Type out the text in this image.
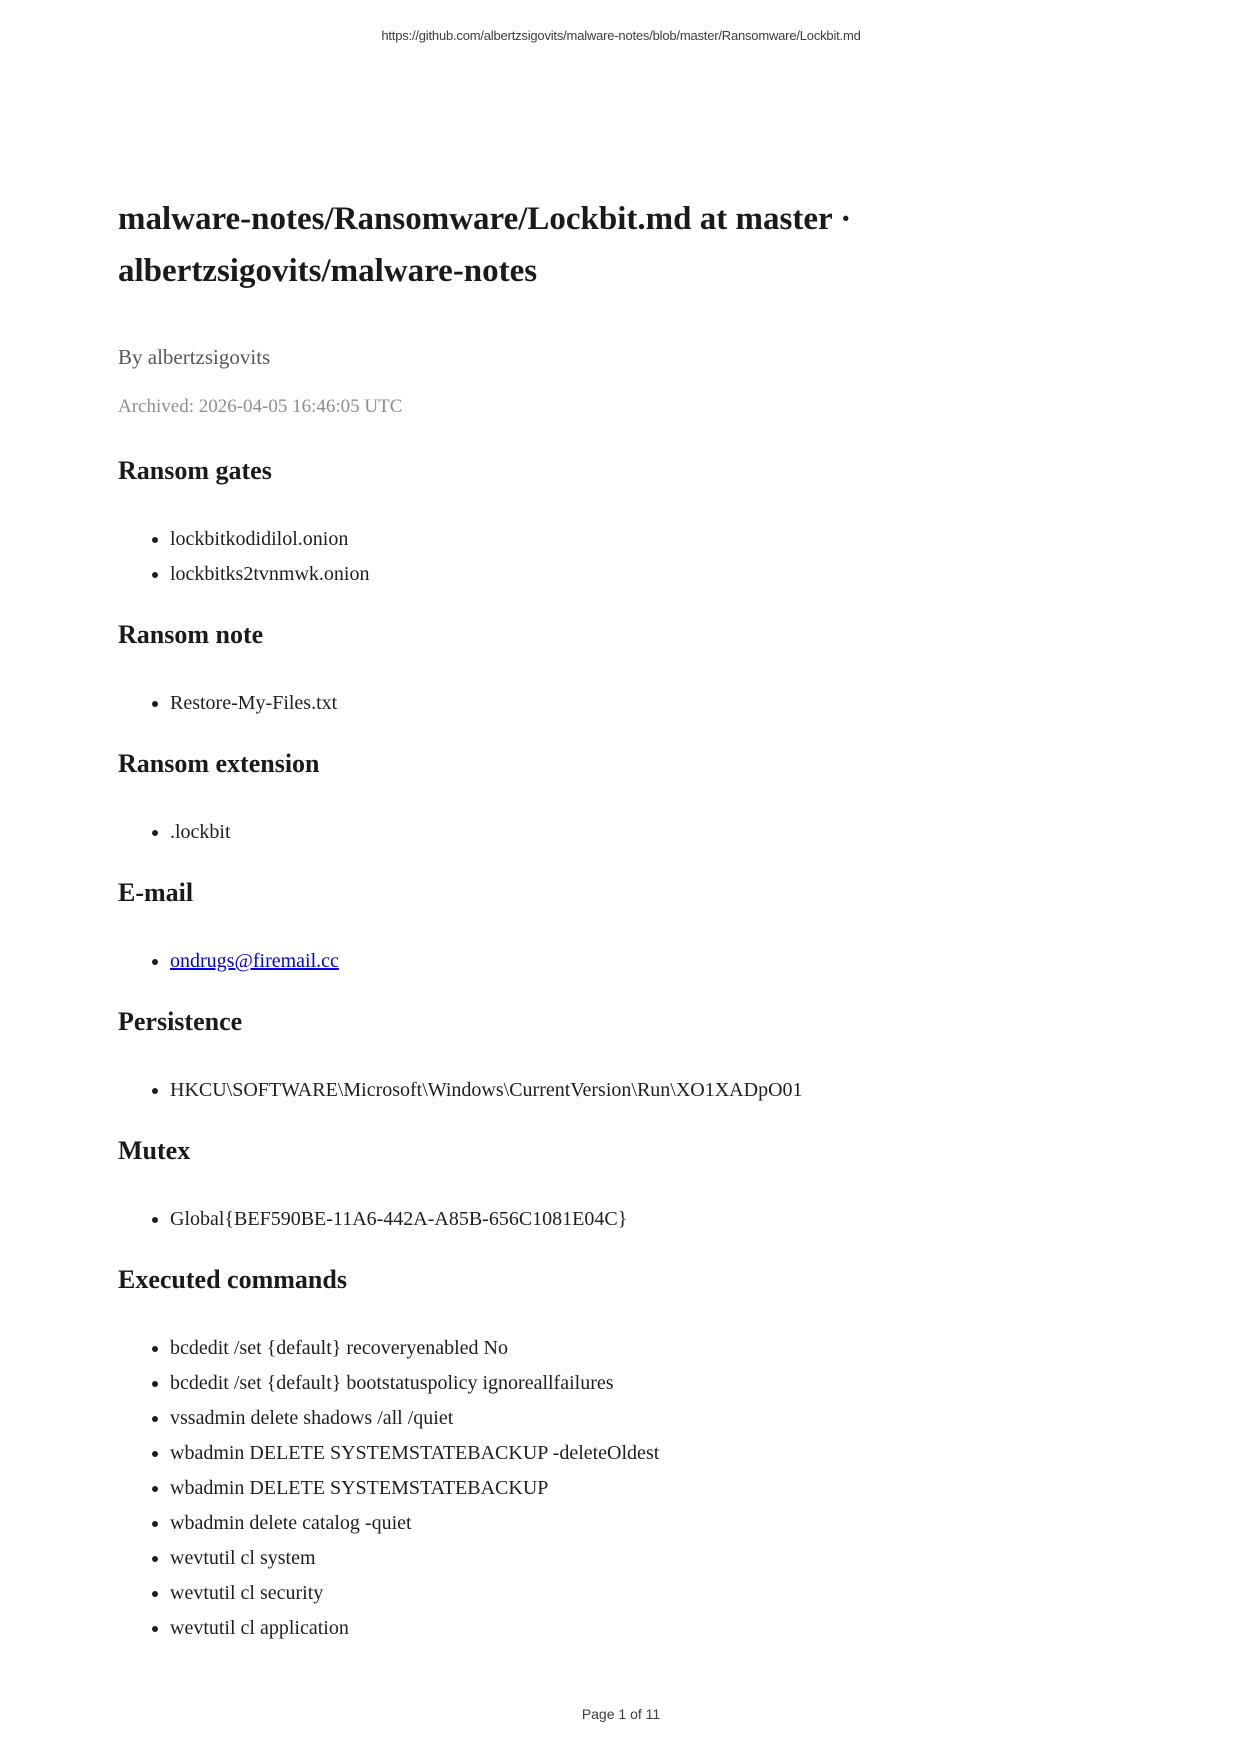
https://github.com/albertzsigovits/malware-notes/blob/master/Ransomware/Lockbit.md
malware-notes/Ransomware/Lockbit.md at master ·
albertzsigovits/malware-notes

By albertzsigovits

Archived: 2026-04-05 16:46:05 UTC

Ransom gates
• lockbitkodidilol.onion
• lockbitks2tvnmwk.onion
Ransom note
• Restore-My-Files.txt
Ransom extension
• .lockbit
E-mail
• ondrugs@firemail.cc
Persistence
• HKCU\SOFTWARE\Microsoft\Windows\CurrentVersion\Run\XO1XADpO01
Mutex
• Global{BEF590BE-11A6-442A-A85B-656C1081E04C}
Executed commands
• bcdedit /set {default} recoveryenabled No
• bcdedit /set {default} bootstatuspolicy ignoreallfailures
• vssadmin delete shadows /all /quiet
• wbadmin DELETE SYSTEMSTATEBACKUP -deleteOldest
• wbadmin DELETE SYSTEMSTATEBACKUP
• wbadmin delete catalog -quiet
• wevtutil cl system
• wevtutil cl security
• wevtutil cl application
Page 1 of 11
